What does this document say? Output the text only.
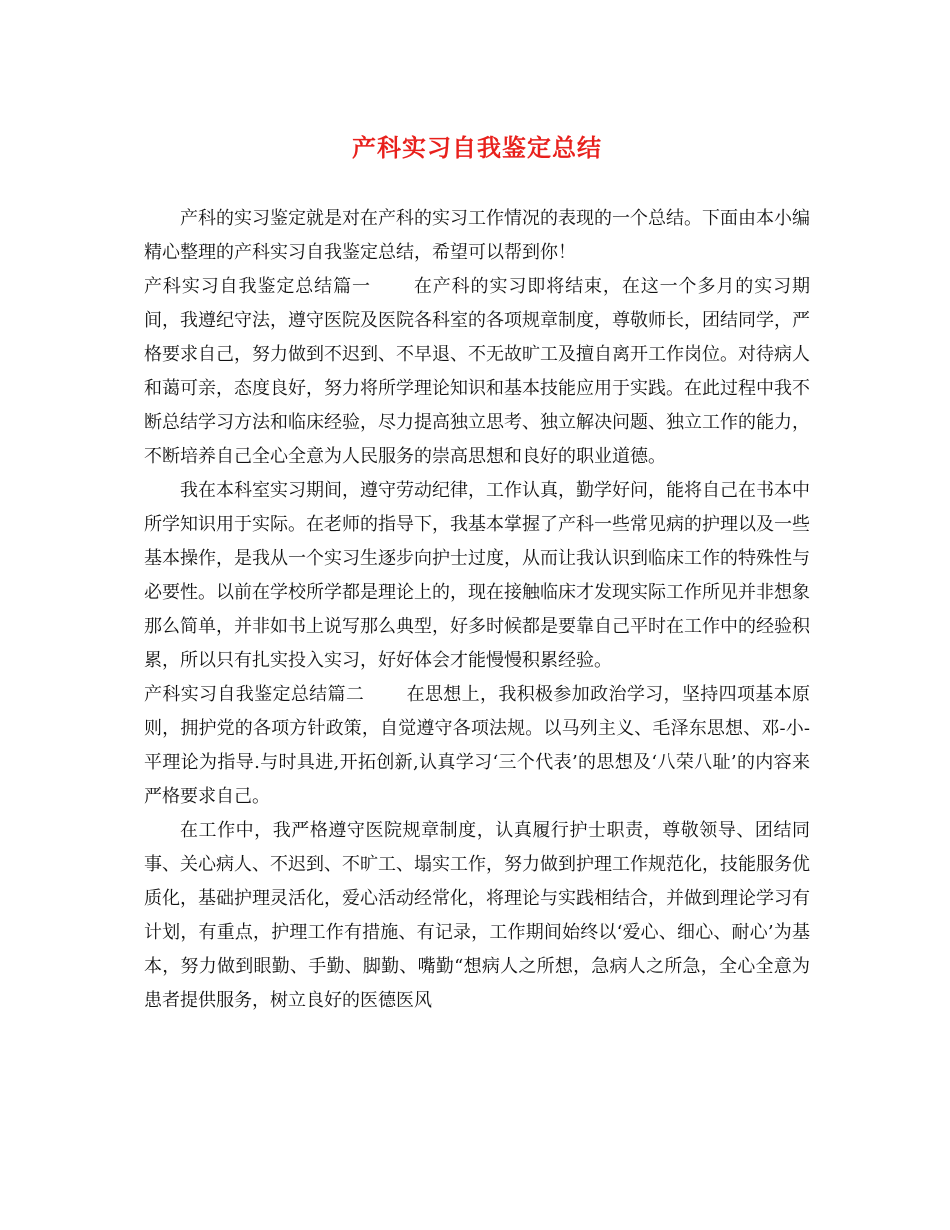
产科实习自我鉴定总结

产科的实习鉴定就是对在产科的实习工作情况的表现的一个总结。下面由本小编精心整理的产科实习自我鉴定总结，希望可以帮到你！

产科实习自我鉴定总结篇一 在产科的实习即将结束，在这一个多月的实习期间，我遵纪守法，遵守医院及医院各科室的各项规章制度，尊敬师长，团结同学，严格要求自己，努力做到不迟到、不早退、不无故旷工及擅自离开工作岗位。对待病人和蔼可亲，态度良好，努力将所学理论知识和基本技能应用于实践。在此过程中我不断总结学习方法和临床经验，尽力提高独立思考、独立解决问题、独立工作的能力，不断培养自己全心全意为人民服务的崇高思想和良好的职业道德。

我在本科室实习期间，遵守劳动纪律，工作认真，勤学好问，能将自己在书本中所学知识用于实际。在老师的指导下，我基本掌握了产科一些常见病的护理以及一些基本操作，是我从一个实习生逐步向护士过度，从而让我认识到临床工作的特殊性与必要性。以前在学校所学都是理论上的，现在接触临床才发现实际工作所见并非想象那么简单，并非如书上说写那么典型，好多时候都是要靠自己平时在工作中的经验积累，所以只有扎实投入实习，好好体会才能慢慢积累经验。

产科实习自我鉴定总结篇二 在思想上，我积极参加政治学习，坚持四项基本原则，拥护党的各项方针政策，自觉遵守各项法规。以马列主义、毛泽东思想、邓-小-平理论为指导.与时具进,开拓创新,认真学习‘三个代表’的思想及‘八荣八耻’的内容来严格要求自己。

在工作中，我严格遵守医院规章制度，认真履行护士职责，尊敬领导、团结同事、关心病人、不迟到、不旷工、塌实工作，努力做到护理工作规范化，技能服务优质化，基础护理灵活化，爱心活动经常化，将理论与实践相结合，并做到理论学习有计划，有重点，护理工作有措施、有记录，工作期间始终以‘爱心、细心、耐心’为基本，努力做到眼勤、手勤、脚勤、嘴勤“想病人之所想，急病人之所急，全心全意为患者提供服务，树立良好的医德医风
